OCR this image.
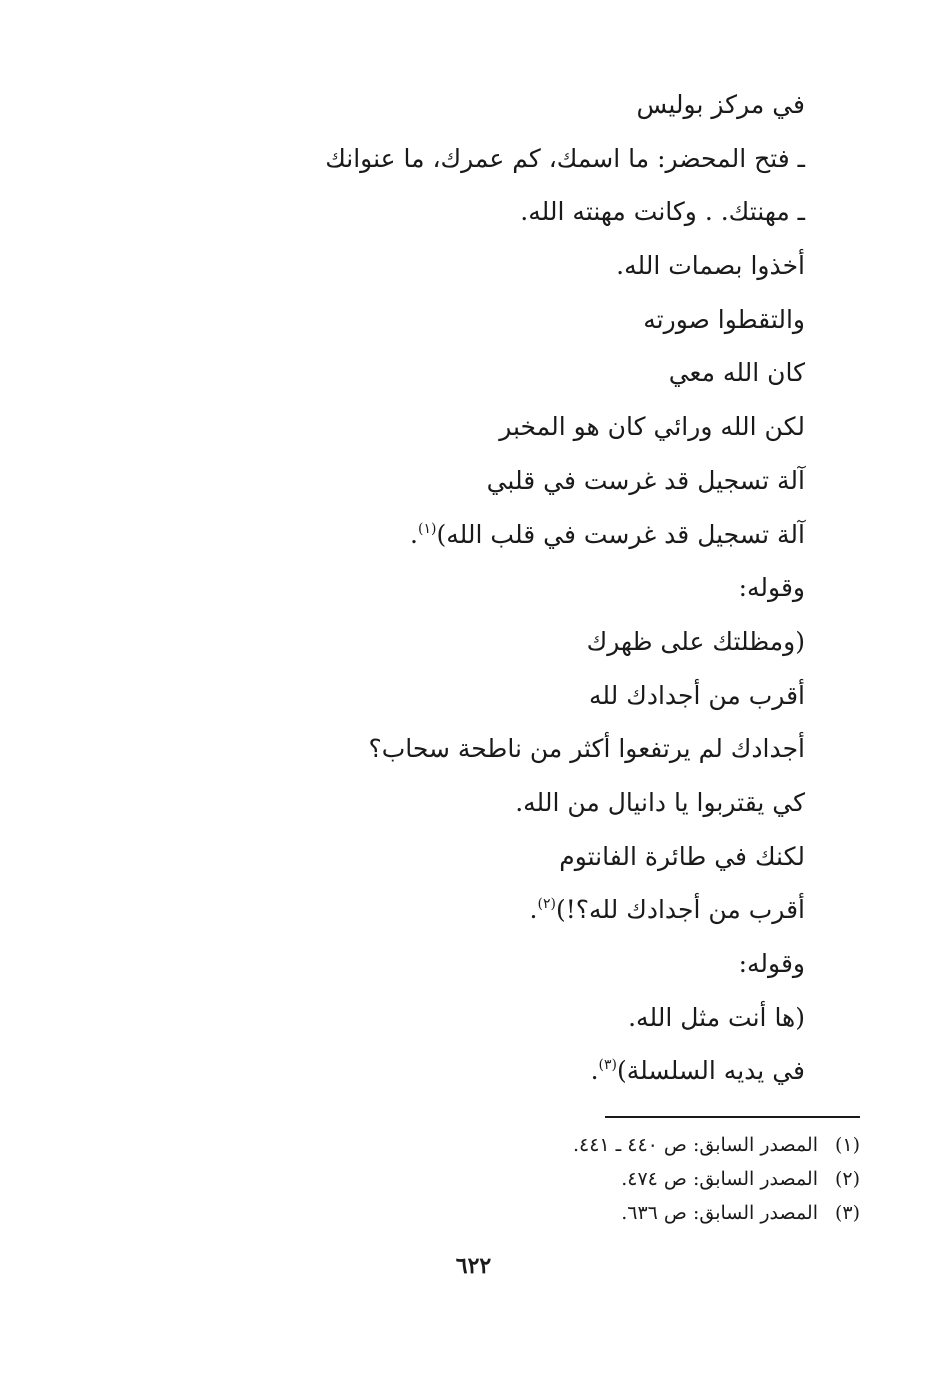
في مركز بوليس
ـ فتح المحضر: ما اسمك، كم عمرك، ما عنوانك
ـ مهنتك. . وكانت مهنته الله.
أخذوا بصمات الله.
والتقطوا صورته
كان الله معي
لكن الله ورائي كان هو المخبر
آلة تسجيل قد غرست في قلبي
آلة تسجيل قد غرست في قلب الله)$^{(١)}$.
وقوله:
(ومظلتك على ظهرك
أقرب من أجدادك لله
أجدادك لم يرتفعوا أكثر من ناطحة سحاب؟
كي يقتربوا يا دانيال من الله.
لكنك في طائرة الفانتوم
أقرب من أجدادك لله؟!)$^{(٢)}$.
وقوله:
(ها أنت مثل الله.
في يديه السلسلة)$^{(٣)}$.
(١)المصدر السابق: ص ٤٤٠ ـ ٤٤١.
(٢)المصدر السابق: ص ٤٧٤.
(٣)المصدر السابق: ص ٦٣٦.
٦٢٢
